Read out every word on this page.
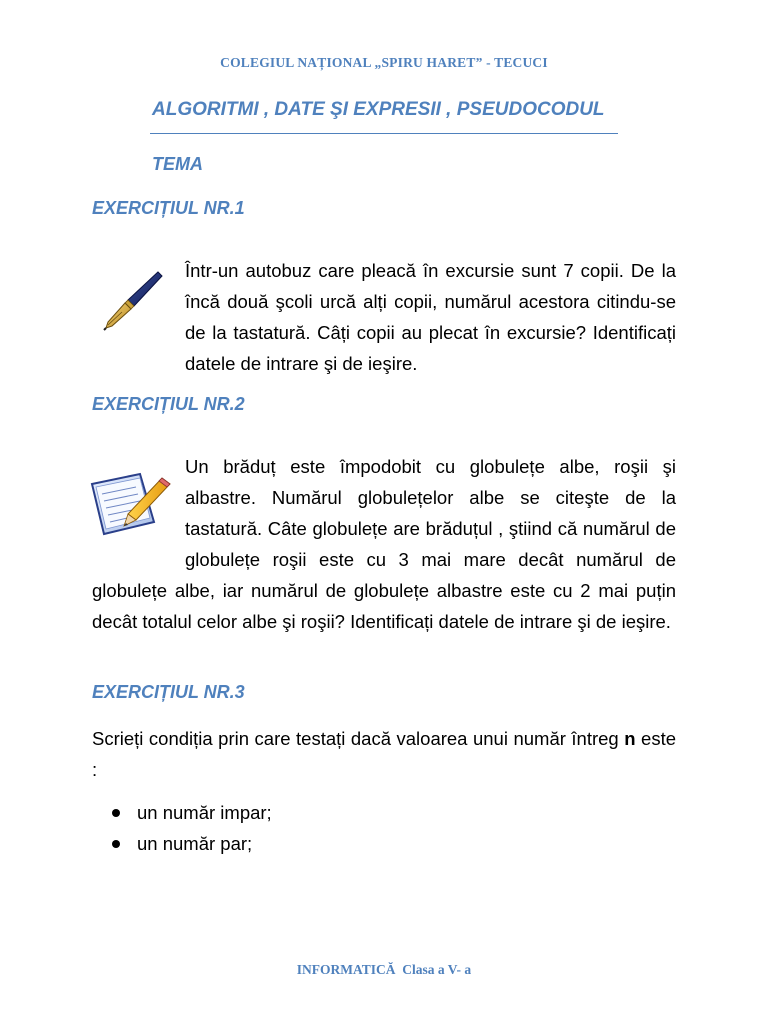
COLEGIUL NAȚIONAL „SPIRU HARET” - TECUCI
ALGORITMI , DATE ŞI EXPRESII , PSEUDOCODUL
TEMA
EXERCIȚIUL NR.1
Într-un autobuz care pleacă în excursie sunt 7 copii. De la încă două şcoli urcă alți copii, numărul acestora citindu-se de la tastatură. Câți copii au plecat în excursie? Identificați datele de intrare şi de ieşire.
EXERCIȚIUL NR.2
Un brăduț este împodobit cu globulețe albe, roşii şi albastre. Numărul globulețelor albe se citeşte de la tastatură. Câte globulețe are brăduțul , ştiind că numărul de globulețe roşii este cu 3 mai mare decât numărul de globulețe albe, iar numărul de globulețe albastre este cu 2 mai puțin decât totalul celor albe şi roşii? Identificați datele de intrare şi de ieşire.
EXERCIȚIUL NR.3
Scrieți condiția prin care testați dacă valoarea unui număr întreg n este :
un număr impar;
un număr par;
INFORMATICĂ Clasa a V- a
